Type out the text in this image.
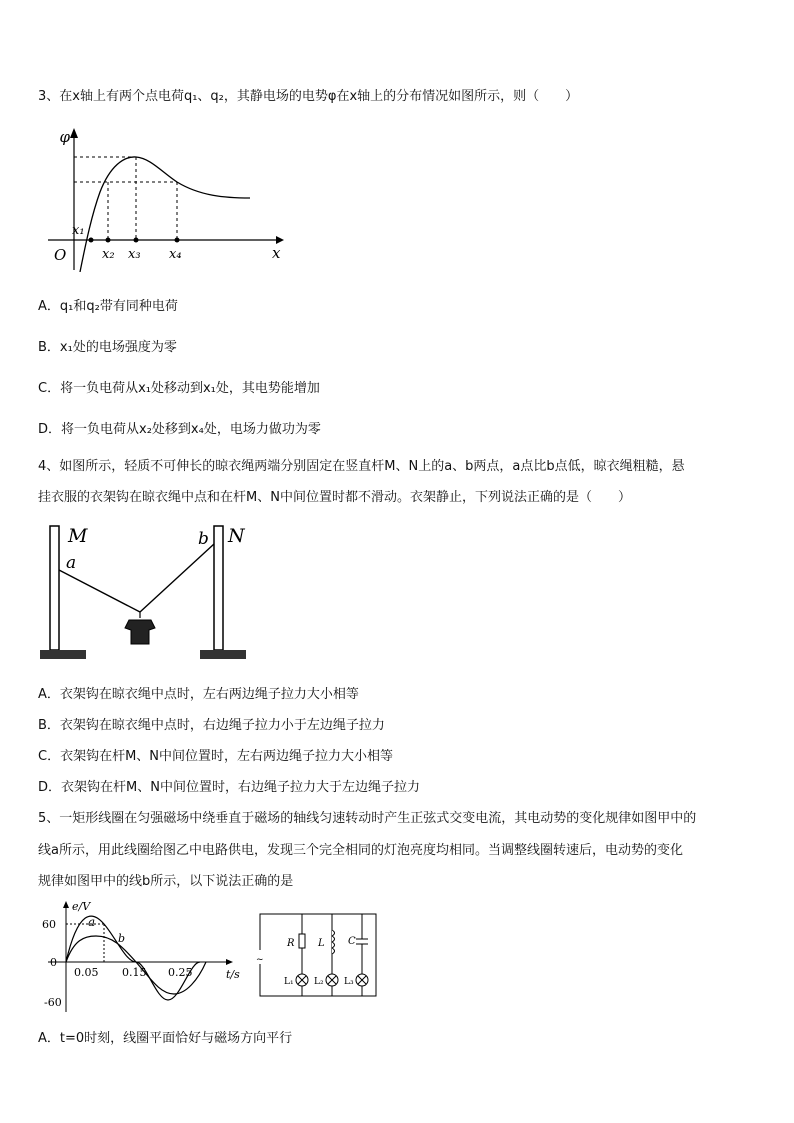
3、在x轴上有两个点电荷q₁、q₂，其静电场的电势φ在x轴上的分布情况如图所示，则（　　）
φ
x
O
x₁
x₂ x₃ x₄
A．q₁和q₂带有同种电荷
B．x₁处的电场强度为零
C．将一负电荷从x₁处移动到x₁处，其电势能增加
D．将一负电荷从x₂处移到x₄处，电场力做功为零
4、如图所示，轻质不可伸长的晾衣绳两端分别固定在竖直杆M、N上的a、b两点，a点比b点低，晾衣绳粗糙，悬
挂衣服的衣架钩在晾衣绳中点和在杆M、N中间位置时都不滑动。衣架静止，下列说法正确的是（　　）
M	N
a
b
A．衣架钩在晾衣绳中点时，左右两边绳子拉力大小相等
B．衣架钩在晾衣绳中点时，右边绳子拉力小于左边绳子拉力
C．衣架钩在杆M、N中间位置时，左右两边绳子拉力大小相等
D．衣架钩在杆M、N中间位置时，右边绳子拉力大于左边绳子拉力
5、一矩形线圈在匀强磁场中绕垂直于磁场的轴线匀速转动时产生正弦式交变电流，其电动势的变化规律如图甲中的
线a所示，用此线圈给图乙中电路供电，发现三个完全相同的灯泡亮度均相同。当调整线圈转速后，电动势的变化
规律如图甲中的线b所示，以下说法正确的是
60
0
-60
e/V
t/s
0.05 0.15 0.25
a
b
~
R L C
L₁ L₂ L₃
A．t=0时刻，线圈平面恰好与磁场方向平行
